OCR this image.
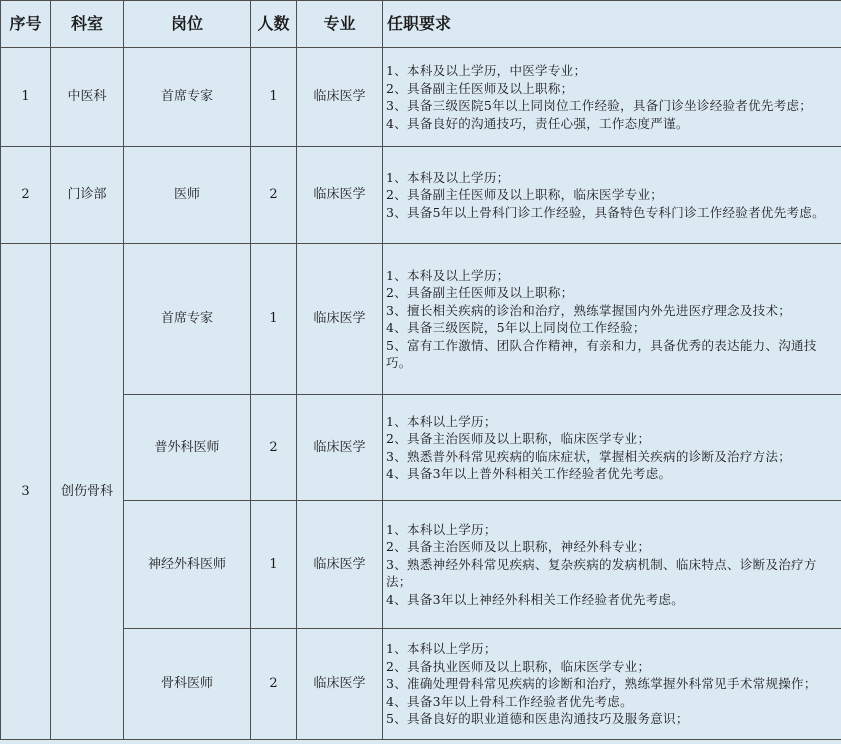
序号	科室	岗位	人数	专业	任职要求
1	中医科	首席专家	1	临床医学	1、本科及以上学历，中医学专业；
2、具备副主任医师及以上职称；
3、具备三级医院5年以上同岗位工作经验，具备门诊坐诊经验者优先考虑；
4、具备良好的沟通技巧，责任心强，工作态度严谨。

2	门诊部	医师	2	临床医学	1、本科及以上学历；
2、具备副主任医师及以上职称，临床医学专业；
3、具备5年以上骨科门诊工作经验，具备特色专科门诊工作经验者优先考虑。

3	创伤骨科	首席专家	1	临床医学	1、本科及以上学历；
2、具备副主任医师及以上职称；
3、擅长相关疾病的诊治和治疗，熟练掌握国内外先进医疗理念及技术；
4、具备三级医院，5年以上同岗位工作经验；
5、富有工作激情、团队合作精神，有亲和力，具备优秀的表达能力、沟通技巧。

		普外科医师	2	临床医学	1、本科以上学历；
2、具备主治医师及以上职称，临床医学专业；
3、熟悉普外科常见疾病的临床症状，掌握相关疾病的诊断及治疗方法；
4、具备3年以上普外科相关工作经验者优先考虑。

		神经外科医师	1	临床医学	1、本科以上学历；
2、具备主治医师及以上职称，神经外科专业；
3、熟悉神经外科常见疾病、复杂疾病的发病机制、临床特点、诊断及治疗方法；
4、具备3年以上神经外科相关工作经验者优先考虑。

		骨科医师	2	临床医学	1、本科以上学历；
2、具备执业医师及以上职称，临床医学专业；
3、准确处理骨科常见疾病的诊断和治疗，熟练掌握外科常见手术常规操作；
4、具备3年以上骨科工作经验者优先考虑。
5、具备良好的职业道德和医患沟通技巧及服务意识；
